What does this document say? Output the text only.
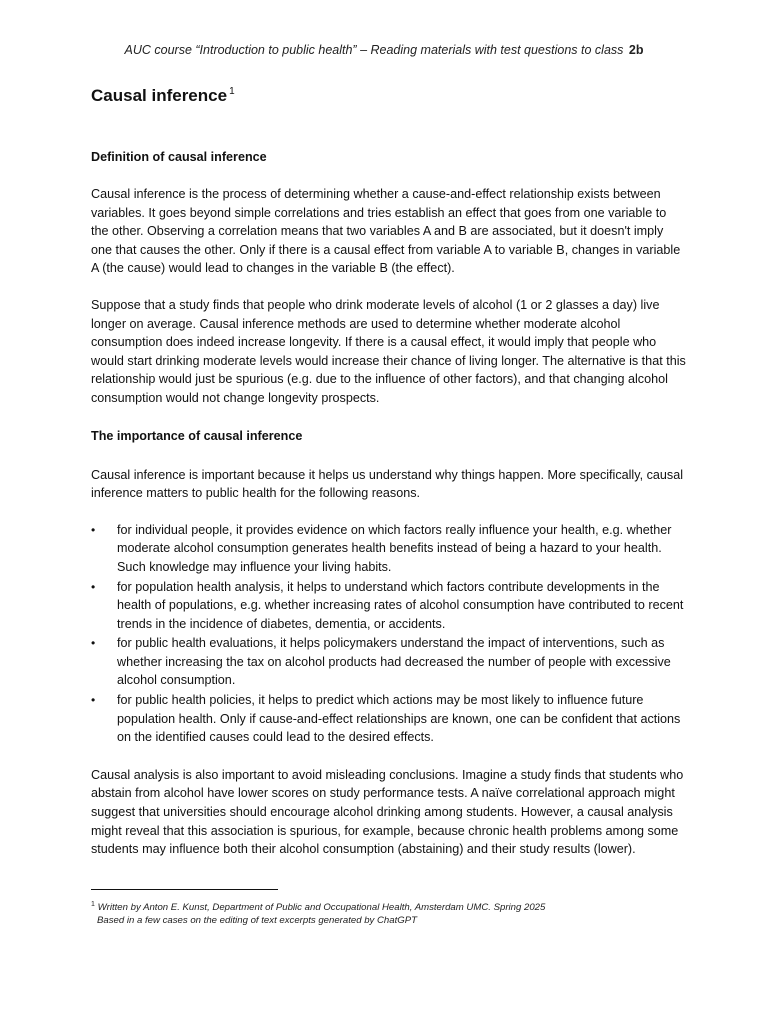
AUC course “Introduction to public health” – Reading materials with test questions to class 2b
Causal inference $^1$
Definition of causal inference

Causal inference is the process of determining whether a cause-and-effect relationship exists between variables. It goes beyond simple correlations and tries establish an effect that goes from one variable to the other. Observing a correlation means that two variables A and B are associated, but it doesn't imply one that causes the other. Only if there is a causal effect from variable A to variable B, changes in variable A (the cause) would lead to changes in the variable B (the effect).

Suppose that a study finds that people who drink moderate levels of alcohol (1 or 2 glasses a day) live longer on average. Causal inference methods are used to determine whether moderate alcohol consumption does indeed increase longevity. If there is a causal effect, it would imply that people who would start drinking moderate levels would increase their chance of living longer. The alternative is that this relationship would just be spurious (e.g. due to the influence of other factors), and that changing alcohol consumption would not change longevity prospects.

The importance of causal inference

Causal inference is important because it helps us understand why things happen. More specifically, causal inference matters to public health for the following reasons.

• for individual people, it provides evidence on which factors really influence your health, e.g. whether moderate alcohol consumption generates health benefits instead of being a hazard to your health. Such knowledge may influence your living habits.
• for population health analysis, it helps to understand which factors contribute developments in the health of populations, e.g. whether increasing rates of alcohol consumption have contributed to recent trends in the incidence of diabetes, dementia, or accidents.
• for public health evaluations, it helps policymakers understand the impact of interventions, such as whether increasing the tax on alcohol products had decreased the number of people with excessive alcohol consumption.
• for public health policies, it helps to predict which actions may be most likely to influence future population health. Only if cause-and-effect relationships are known, one can be confident that actions on the identified causes could lead to the desired effects.

Causal analysis is also important to avoid misleading conclusions. Imagine a study finds that students who abstain from alcohol have lower scores on study performance tests. A naïve correlational approach might suggest that universities should encourage alcohol drinking among students. However, a causal analysis might reveal that this association is spurious, for example, because chronic health problems among some students may influence both their alcohol consumption (abstaining) and their study results (lower).

$^1$ Written by Anton E. Kunst, Department of Public and Occupational Health, Amsterdam UMC. Spring 2025
Based in a few cases on the editing of text excerpts generated by ChatGPT
